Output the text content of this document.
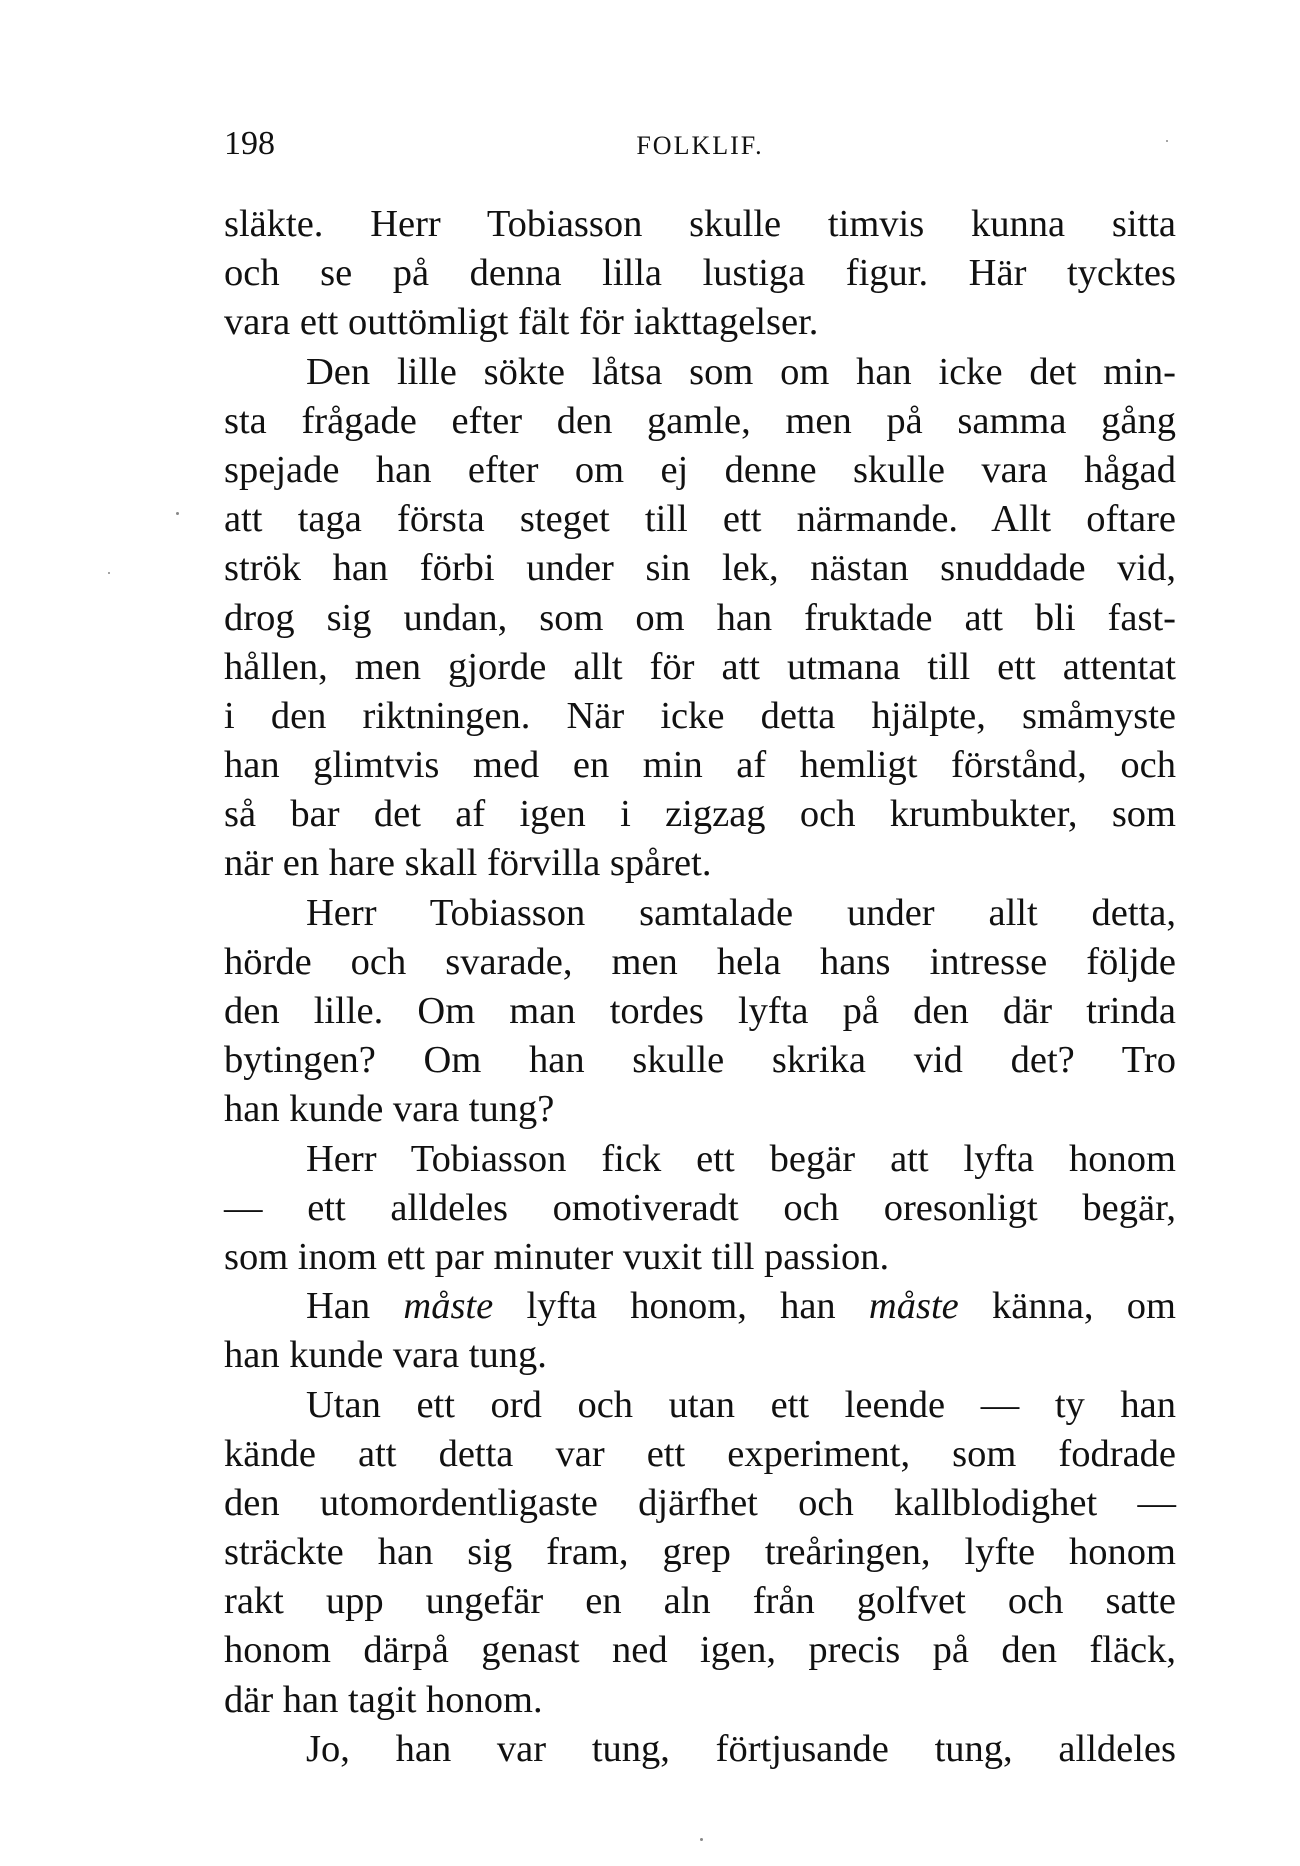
198	FOLKLIF.
släkte. Herr Tobiasson skulle timvis kunna sitta
och se på denna lilla lustiga figur. Här tycktes
vara ett outtömligt fält för iakttagelser.
Den lille sökte låtsa som om han icke det min-
sta frågade efter den gamle, men på samma gång
spejade han efter om ej denne skulle vara hågad
att taga första steget till ett närmande. Allt oftare
strök han förbi under sin lek, nästan snuddade vid,
drog sig undan, som om han fruktade att bli fast-
hållen, men gjorde allt för att utmana till ett attentat
i den riktningen. När icke detta hjälpte, småmyste
han glimtvis med en min af hemligt förstånd, och
så bar det af igen i zigzag och krumbukter, som
när en hare skall förvilla spåret.
Herr Tobiasson samtalade under allt detta,
hörde och svarade, men hela hans intresse följde
den lille. Om man tordes lyfta på den där trinda
bytingen? Om han skulle skrika vid det? Tro
han kunde vara tung?
Herr Tobiasson fick ett begär att lyfta honom
— ett alldeles omotiveradt och oresonligt begär,
som inom ett par minuter vuxit till passion.
Han måste lyfta honom, han måste känna, om
han kunde vara tung.
Utan ett ord och utan ett leende — ty han
kände att detta var ett experiment, som fodrade
den utomordentligaste djärfhet och kallblodighet —
sträckte han sig fram, grep treåringen, lyfte honom
rakt upp ungefär en aln från golfvet och satte
honom därpå genast ned igen, precis på den fläck,
där han tagit honom.
Jo, han var tung, förtjusande tung, alldeles
